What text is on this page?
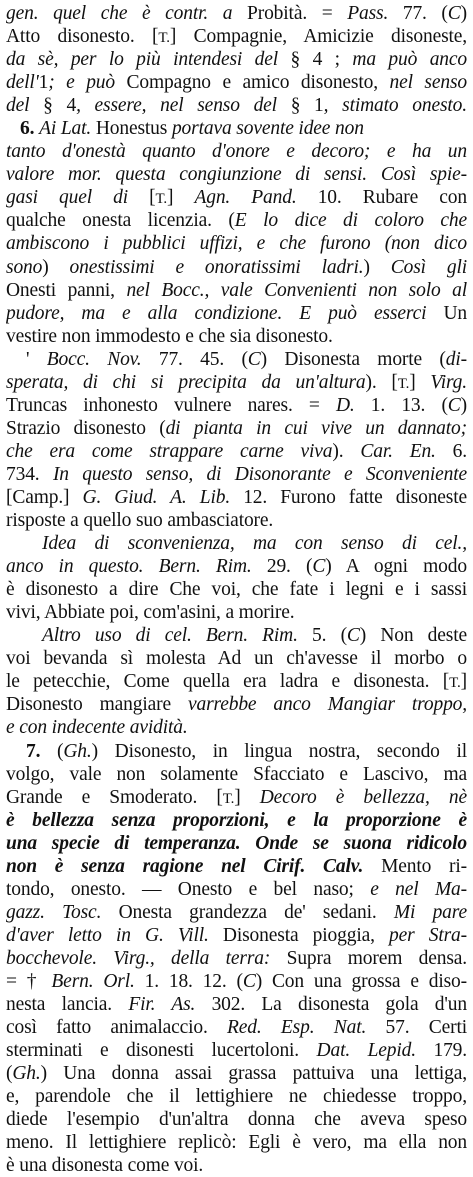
gen. quel che è contr. a Probità. = Pass. 77. (C)
Atto disonesto. [T.] Compagnie, Amicizie disoneste,
da sè, per lo più intendesi del § 4 ; ma può anco
dell'1; e può Compagno e amico disonesto, nel senso
del § 4, essere, nel senso del § 1, stimato onesto.
6. Ai Lat. Honestus portava sovente idee non
tanto d'onestà quanto d'onore e decoro; e ha un
valore mor. questa congiunzione di sensi. Così spie-
gasi quel di [T.] Agn. Pand. 10. Rubare con
qualche onesta licenzia. (E lo dice di coloro che
ambiscono i pubblici uffizi, e che furono (non dico
sono) onestissimi e onoratissimi ladri.) Così gli
Onesti panni, nel Bocc., vale Convenienti non solo al
pudore, ma e alla condizione. E può esserci Un
vestire non immodesto e che sia disonesto.
' Bocc. Nov. 77. 45. (C) Disonesta morte (di-
sperata, di chi si precipita da un'altura). [T.] Virg.
Truncas inhonesto vulnere nares. = D. 1. 13. (C)
Strazio disonesto (di pianta in cui vive un dannato;
che era come strappare carne viva). Car. En. 6.
734. In questo senso, di Disonorante e Sconveniente
[Camp.] G. Giud. A. Lib. 12. Furono fatte disoneste
risposte a quello suo ambasciatore.
Idea di sconvenienza, ma con senso di cel.,
anco in questo. Bern. Rim. 29. (C) A ogni modo
è disonesto a dire Che voi, che fate i legni e i sassi
vivi, Abbiate poi, com'asini, a morire.
Altro uso di cel. Bern. Rim. 5. (C) Non deste
voi bevanda sì molesta Ad un ch'avesse il morbo o
le petecchie, Come quella era ladra e disonesta. [T.]
Disonesto mangiare varrebbe anco Mangiar troppo,
e con indecente avidità.
7. (Gh.) Disonesto, in lingua nostra, secondo il
volgo, vale non solamente Sfacciato e Lascivo, ma
Grande e Smoderato. [T.] Decoro è bellezza, nè
è bellezza senza proporzioni, e la proporzione è
una specie di temperanza. Onde se suona ridicolo
non è senza ragione nel Cirif. Calv. Mento ri-
tondo, onesto. — Onesto e bel naso; e nel Ma-
gazz. Tosc. Onesta grandezza de' sedani. Mi pare
d'aver letto in G. Vill. Disonesta pioggia, per Stra-
bocchevole. Virg., della terra: Supra morem densa.
= † Bern. Orl. 1. 18. 12. (C) Con una grossa e diso-
nesta lancia. Fir. As. 302. La disonesta gola d'un
così fatto animalaccio. Red. Esp. Nat. 57. Certi
sterminati e disonesti lucertoloni. Dat. Lepid. 179.
(Gh.) Una donna assai grassa pattuiva una lettiga,
e, parendole che il lettighiere ne chiedesse troppo,
diede l'esempio d'un'altra donna che aveva speso
meno. Il lettighiere replicò: Egli è vero, ma ella non
è una disonesta come voi.
